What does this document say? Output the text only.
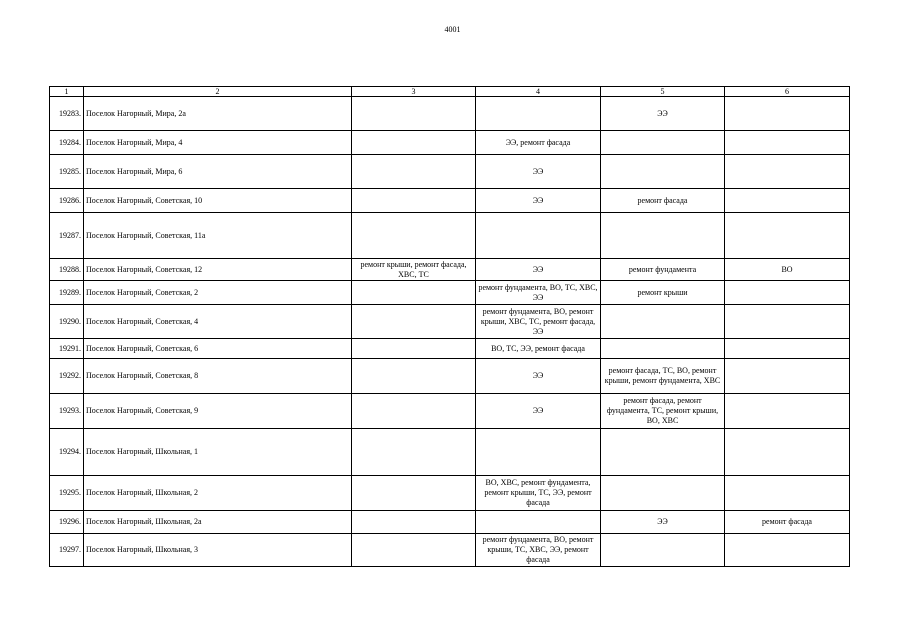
4001
1	2	3	4	5	6
19283.	Поселок Нагорный, Мира, 2а			ЭЭ	
19284.	Поселок Нагорный, Мира, 4		ЭЭ, ремонт фасада		
19285.	Поселок Нагорный, Мира, 6		ЭЭ		
19286.	Поселок Нагорный, Советская, 10		ЭЭ	ремонт фасада	
19287.	Поселок Нагорный, Советская, 11а				
19288.	Поселок Нагорный, Советская, 12	ремонт крыши, ремонт фасада, ХВС, ТС	ЭЭ	ремонт фундамента	ВО
19289.	Поселок Нагорный, Советская, 2		ремонт фундамента, ВО, ТС, ХВС, ЭЭ	ремонт крыши	
19290.	Поселок Нагорный, Советская, 4		ремонт фундамента, ВО, ремонт крыши, ХВС, ТС, ремонт фасада, ЭЭ		
19291.	Поселок Нагорный, Советская, 6		ВО, ТС, ЭЭ, ремонт фасада		
19292.	Поселок Нагорный, Советская, 8		ЭЭ	ремонт фасада, ТС, ВО, ремонт крыши, ремонт фундамента, ХВС	
19293.	Поселок Нагорный, Советская, 9		ЭЭ	ремонт фасада, ремонт фундамента, ТС, ремонт крыши, ВО, ХВС	
19294.	Поселок Нагорный, Школьная, 1				
19295.	Поселок Нагорный, Школьная, 2		ВО, ХВС, ремонт фундамента, ремонт крыши, ТС, ЭЭ, ремонт фасада		
19296.	Поселок Нагорный, Школьная, 2а			ЭЭ	ремонт фасада
19297.	Поселок Нагорный, Школьная, 3		ремонт фундамента, ВО, ремонт крыши, ТС, ХВС, ЭЭ, ремонт фасада		
